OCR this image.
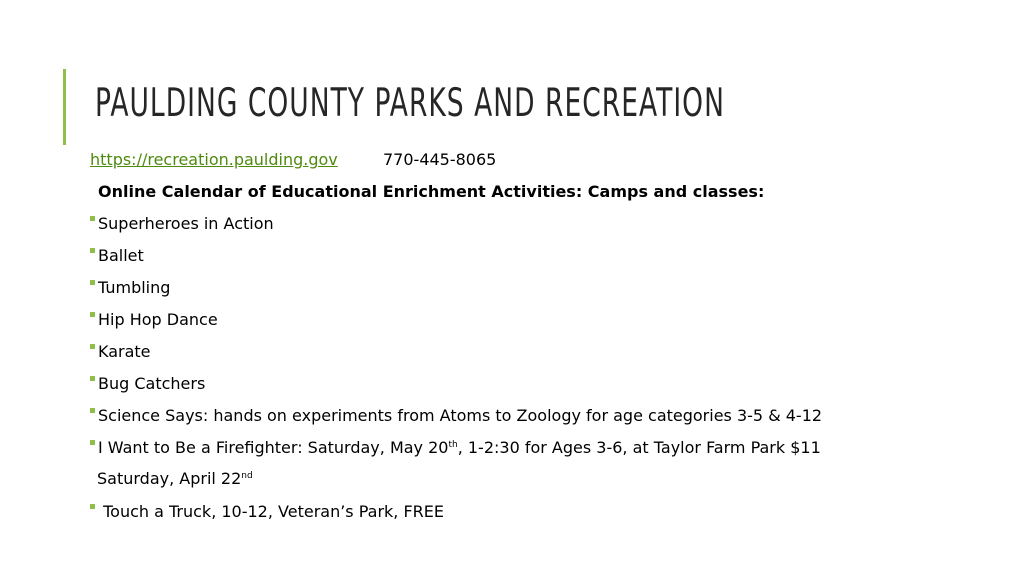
PAULDING COUNTY PARKS AND RECREATION
https://recreation.paulding.gov	770-445-8065
Online Calendar of Educational Enrichment Activities: Camps and classes:
Superheroes in Action
Ballet
Tumbling
Hip Hop Dance
Karate
Bug Catchers
Science Says: hands on experiments from Atoms to Zoology for age categories 3-5 & 4-12
I Want to Be a Firefighter: Saturday, May 20th, 1-2:30 for Ages 3-6, at Taylor Farm Park $11
Saturday, April 22nd
Touch a Truck, 10-12, Veteran’s Park, FREE
